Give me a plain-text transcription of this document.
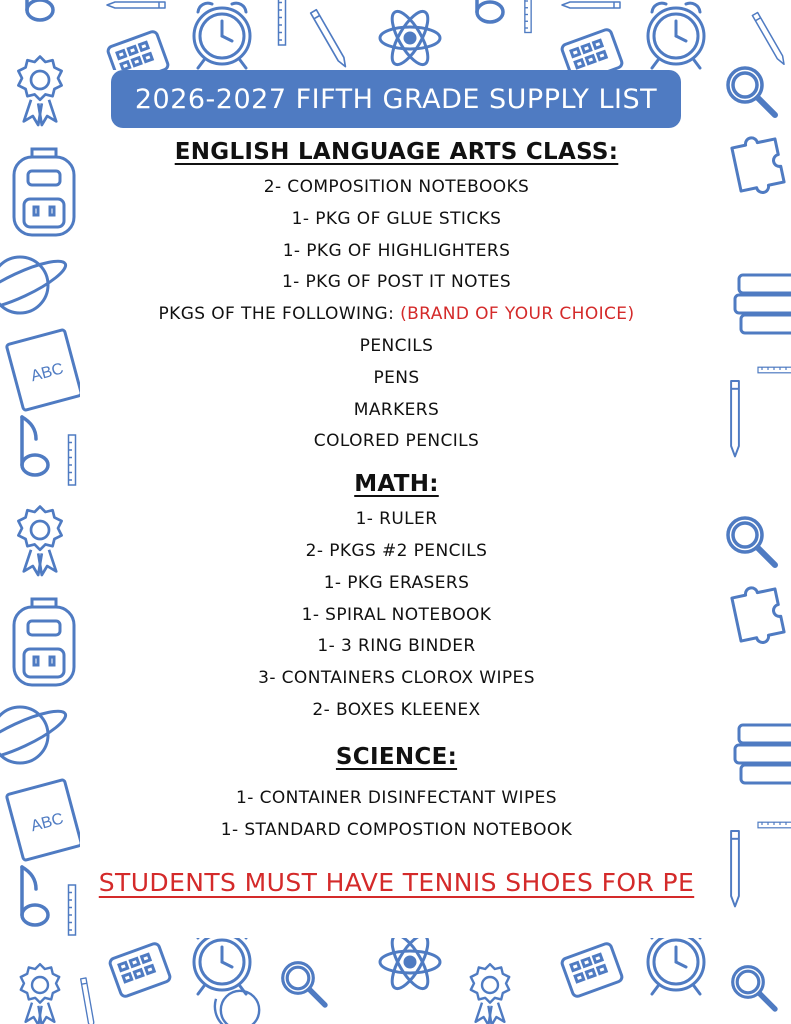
ABC
ABC
2026-2027 FIFTH GRADE SUPPLY LIST
ENGLISH LANGUAGE ARTS CLASS:

2- COMPOSITION NOTEBOOKS

1- PKG OF GLUE STICKS

1- PKG OF HIGHLIGHTERS

1- PKG OF POST IT NOTES

PKGS OF THE FOLLOWING: (BRAND OF YOUR CHOICE)

PENCILS

PENS

MARKERS

COLORED PENCILS

MATH:

1- RULER

2- PKGS #2 PENCILS

1- PKG ERASERS

1- SPIRAL NOTEBOOK

1- 3 RING BINDER

3- CONTAINERS CLOROX WIPES

2- BOXES KLEENEX

SCIENCE:

1- CONTAINER DISINFECTANT WIPES

1- STANDARD COMPOSTION NOTEBOOK

STUDENTS MUST HAVE TENNIS SHOES FOR PE
